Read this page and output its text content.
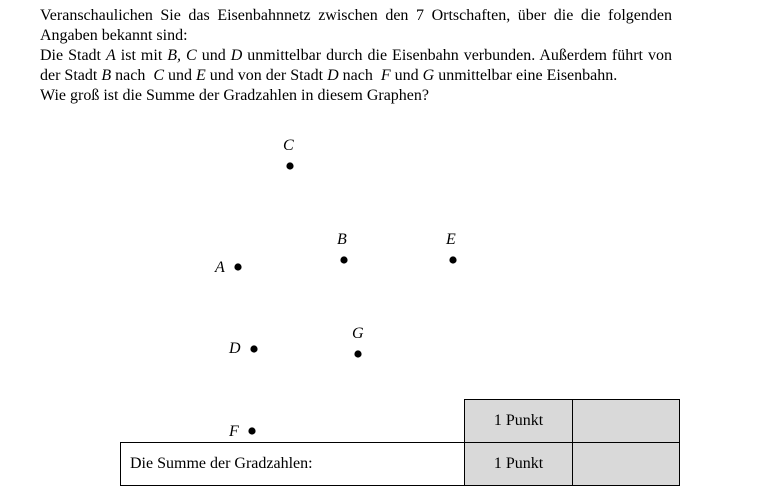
Veranschaulichen Sie das Eisenbahnnetz zwischen den 7 Ortschaften, über die die folgenden Angaben bekannt sind:

Die Stadt A ist mit B, C und D unmittelbar durch die Eisenbahn verbunden. Außerdem führt von der Stadt B nach  C und E und von der Stadt D nach  F und G unmittelbar eine Eisenbahn.

Wie groß ist die Summe der Gradzahlen in diesem Graphen?

C
B	E
A
D
G
F
1 Punkt
Die Summe der Gradzahlen:	1 Punkt
